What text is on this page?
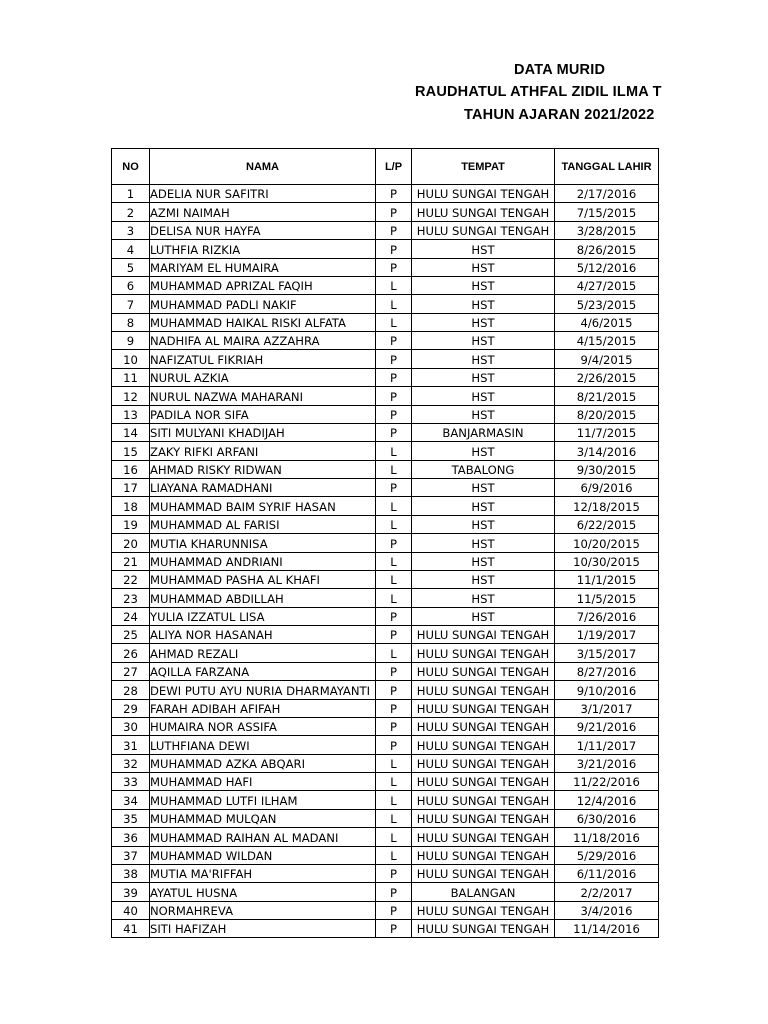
DATA MURID
RAUDHATUL ATHFAL ZIDIL ILMA T
TAHUN AJARAN 2021/2022
NO	NAMA	L/P	TEMPAT	TANGGAL LAHIR
1	ADELIA NUR SAFITRI	P	HULU SUNGAI TENGAH	2/17/2016
2	AZMI NAIMAH	P	HULU SUNGAI TENGAH	7/15/2015
3	DELISA NUR HAYFA	P	HULU SUNGAI TENGAH	3/28/2015
4	LUTHFIA RIZKIA	P	HST	8/26/2015
5	MARIYAM EL HUMAIRA	P	HST	5/12/2016
6	MUHAMMAD APRIZAL FAQIH	L	HST	4/27/2015
7	MUHAMMAD PADLI NAKIF	L	HST	5/23/2015
8	MUHAMMAD HAIKAL RISKI ALFATA	L	HST	4/6/2015
9	NADHIFA AL MAIRA AZZAHRA	P	HST	4/15/2015
10	NAFIZATUL FIKRIAH	P	HST	9/4/2015
11	NURUL AZKIA	P	HST	2/26/2015
12	NURUL NAZWA MAHARANI	P	HST	8/21/2015
13	PADILA NOR SIFA	P	HST	8/20/2015
14	SITI MULYANI KHADIJAH	P	BANJARMASIN	11/7/2015
15	ZAKY RIFKI ARFANI	L	HST	3/14/2016
16	AHMAD RISKY RIDWAN	L	TABALONG	9/30/2015
17	LIAYANA RAMADHANI	P	HST	6/9/2016
18	MUHAMMAD BAIM SYRIF HASAN	L	HST	12/18/2015
19	MUHAMMAD AL FARISI	L	HST	6/22/2015
20	MUTIA KHARUNNISA	P	HST	10/20/2015
21	MUHAMMAD ANDRIANI	L	HST	10/30/2015
22	MUHAMMAD PASHA AL KHAFI	L	HST	11/1/2015
23	MUHAMMAD ABDILLAH	L	HST	11/5/2015
24	YULIA IZZATUL LISA	P	HST	7/26/2016
25	ALIYA NOR HASANAH	P	HULU SUNGAI TENGAH	1/19/2017
26	AHMAD REZALI	L	HULU SUNGAI TENGAH	3/15/2017
27	AQILLA FARZANA	P	HULU SUNGAI TENGAH	8/27/2016
28	DEWI PUTU AYU NURIA DHARMAYANTI	P	HULU SUNGAI TENGAH	9/10/2016
29	FARAH ADIBAH AFIFAH	P	HULU SUNGAI TENGAH	3/1/2017
30	HUMAIRA NOR ASSIFA	P	HULU SUNGAI TENGAH	9/21/2016
31	LUTHFIANA DEWI	P	HULU SUNGAI TENGAH	1/11/2017
32	MUHAMMAD AZKA ABQARI	L	HULU SUNGAI TENGAH	3/21/2016
33	MUHAMMAD HAFI	L	HULU SUNGAI TENGAH	11/22/2016
34	MUHAMMAD LUTFI ILHAM	L	HULU SUNGAI TENGAH	12/4/2016
35	MUHAMMAD MULQAN	L	HULU SUNGAI TENGAH	6/30/2016
36	MUHAMMAD RAIHAN AL MADANI	L	HULU SUNGAI TENGAH	11/18/2016
37	MUHAMMAD WILDAN	L	HULU SUNGAI TENGAH	5/29/2016
38	MUTIA MA'RIFFAH	P	HULU SUNGAI TENGAH	6/11/2016
39	AYATUL HUSNA	P	BALANGAN	2/2/2017
40	NORMAHREVA	P	HULU SUNGAI TENGAH	3/4/2016
41	SITI HAFIZAH	P	HULU SUNGAI TENGAH	11/14/2016
